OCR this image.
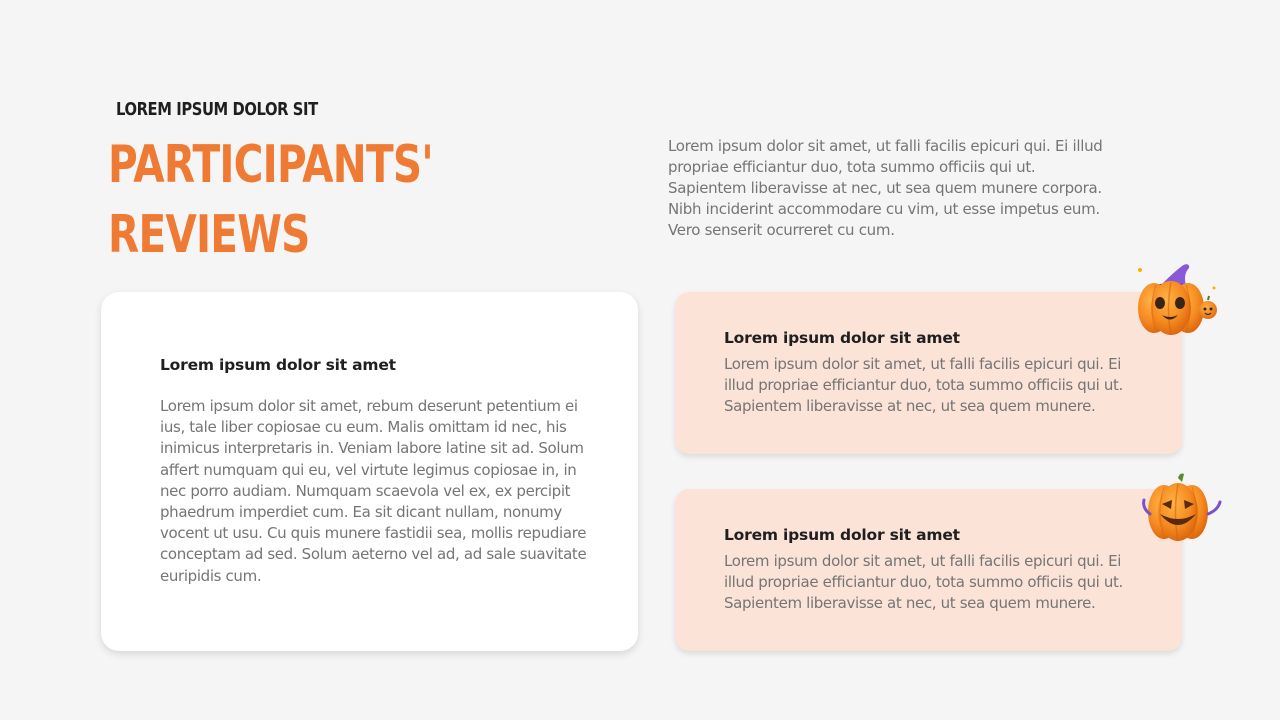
LOREM IPSUM DOLOR SIT
PARTICIPANTS'
REVIEWS
Lorem ipsum dolor sit amet, ut falli facilis epicuri qui. Ei illud propriae efficiantur duo, tota summo officiis qui ut. Sapientem liberavisse at nec, ut sea quem munere corpora. Nibh inciderint accommodare cu vim, ut esse impetus eum. Vero senserit ocurreret cu cum.
Lorem ipsum dolor sit amet
Lorem ipsum dolor sit amet, rebum deserunt petentium ei ius, tale liber copiosae cu eum. Malis omittam id nec, his inimicus interpretaris in. Veniam labore latine sit ad. Solum affert numquam qui eu, vel virtute legimus copiosae in, in nec porro audiam. Numquam scaevola vel ex, ex percipit phaedrum imperdiet cum. Ea sit dicant nullam, nonumy vocent ut usu. Cu quis munere fastidii sea, mollis repudiare conceptam ad sed. Solum aeterno vel ad, ad sale suavitate euripidis cum.
Lorem ipsum dolor sit amet
Lorem ipsum dolor sit amet, ut falli facilis epicuri qui. Ei illud propriae efficiantur duo, tota summo officiis qui ut. Sapientem liberavisse at nec, ut sea quem munere.
Lorem ipsum dolor sit amet
Lorem ipsum dolor sit amet, ut falli facilis epicuri qui. Ei illud propriae efficiantur duo, tota summo officiis qui ut. Sapientem liberavisse at nec, ut sea quem munere.
